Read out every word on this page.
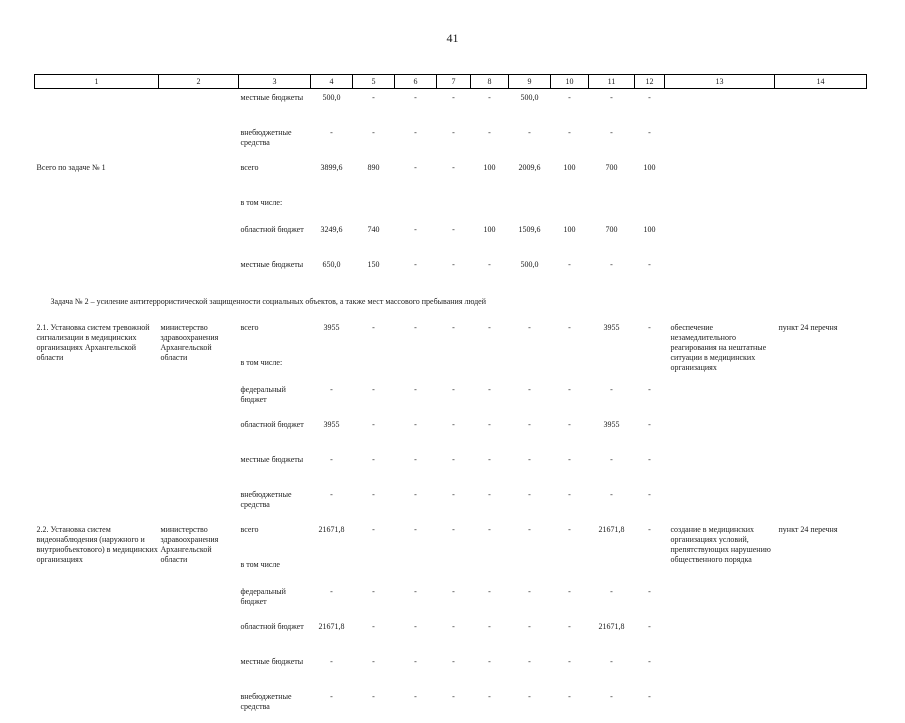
41
1	2	3	4	5	6	7	8	9	10	11	12	13	14
		местные бюджеты	500,0	-	-	-	-	500,0	-	-	-		
		внебюджетные средства	-	-	-	-	-	-	-	-	-		
Всего по задаче № 1		всего	3899,6	890	-	-	100	2009,6	100	700	100		
		в том числе:											
		областной бюджет	3249,6	740	-	-	100	1509,6	100	700	100		
		местные бюджеты	650,0	150	-	-	-	500,0	-	-	-		
Задача № 2 – усиление антитеррористической защищенности социальных объектов, а также мест массового пребывания людей													
2.1. Установка систем тревожной сигнализации в медицинских организациях Архангельской области	министерство здравоохранения Архангельской области	всего	3955	-	-	-	-	-	-	3955	-	обеспечение незамедлительного реагирования на нештатные ситуации в медицинских организациях	пункт 24 перечня
		в том числе:											
		федеральный бюджет	-	-	-	-	-	-	-	-	-		
		областной бюджет	3955	-	-	-	-	-	-	3955	-		
		местные бюджеты	-	-	-	-	-	-	-	-	-		
		внебюджетные средства	-	-	-	-	-	-	-	-	-		
2.2. Установка систем видеонаблюдения (наружного и внутриобъектового) в медицинских организациях	министерство здравоохранения Архангельской области	всего	21671,8	-	-	-	-	-	-	21671,8	-	создание в медицинских организациях условий, препятствующих нарушению общественного порядка	пункт 24 перечня
		в том числе											
		федеральный бюджет	-	-	-	-	-	-	-	-	-		
		областной бюджет	21671,8	-	-	-	-	-	-	21671,8	-		
		местные бюджеты	-	-	-	-	-	-	-	-	-		
		внебюджетные средства	-	-	-	-	-	-	-	-	-		
